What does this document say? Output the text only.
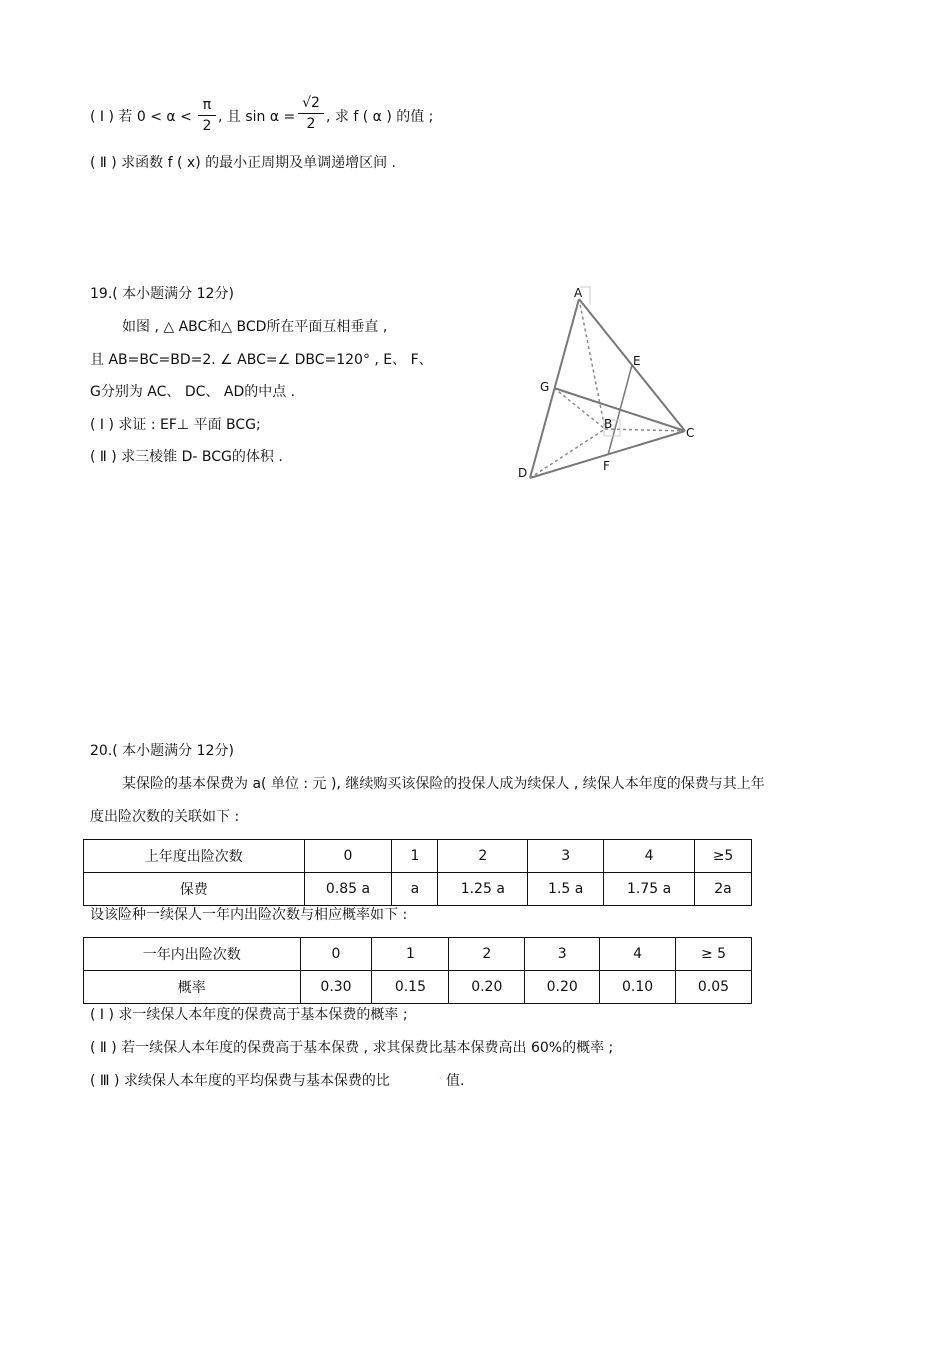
( Ⅰ ) 若 0 < α <
π
2
, 且 sin α =
√2
2 , 求 f ( α ) 的值 ;
( Ⅱ ) 求函数 f ( x) 的最小正周期及单调递增区间 .
19.( 本小题满分 12分)
如图 , △ ABC和△ BCD所在平面互相垂直 ,
且 AB=BC=BD=2. ∠ ABC=∠ DBC=120° , E、 F、
G分别为 AC、 DC、 AD的中点 .
( Ⅰ ) 求证 : EF⊥ 平面 BCG;
( Ⅱ ) 求三棱锥 D- BCG的体积 .
A
E
G
B
C
F
D
20.( 本小题满分 12分)
某保险的基本保费为 a( 单位 : 元 ), 继续购买该保险的投保人成为续保人 , 续保人本年度的保费与其上年
度出险次数的关联如下 :
上年度出险次数	0	1	2	3	4	≥5
保费	0.85 a	a	1.25 a	1.5 a	1.75 a	2a
设该险种一续保人一年内出险次数与相应概率如下 :
一年内出险次数	0	1	2	3	4	≥ 5
概率	0.30	0.15	0.20	0.20	0.10	0.05
( Ⅰ ) 求一续保人本年度的保费高于基本保费的概率 ;
( Ⅱ ) 若一续保人本年度的保费高于基本保费 , 求其保费比基本保费高出 60%的概率 ;
( Ⅲ ) 求续保人本年度的平均保费与基本保费的比	· 值.
